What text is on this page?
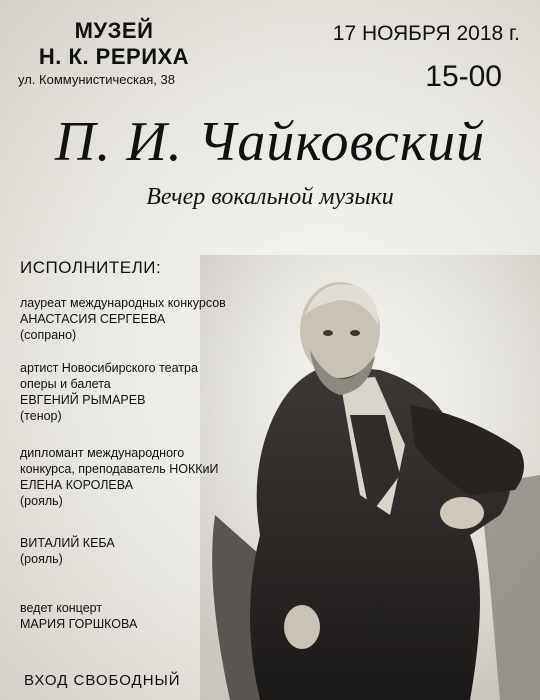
МУЗЕЙ
Н. К. РЕРИХА
ул. Коммунистическая, 38
17 НОЯБРЯ 2018 г.
15-00
П. И. Чайковский
Вечер вокальной музыки
ИСПОЛНИТЕЛИ:
лауреат международных конкурсов
АНАСТАСИЯ СЕРГЕЕВА
(сопрано)
артист Новосибирского театра
оперы и балета
ЕВГЕНИЙ РЫМАРЕВ
(тенор)
дипломант международного
конкурса, преподаватель НОККиИ
ЕЛЕНА КОРОЛЕВА
(рояль)
ВИТАЛИЙ КЕБА
(рояль)
ведет концерт
МАРИЯ ГОРШКОВА
ВХОД СВОБОДНЫЙ
